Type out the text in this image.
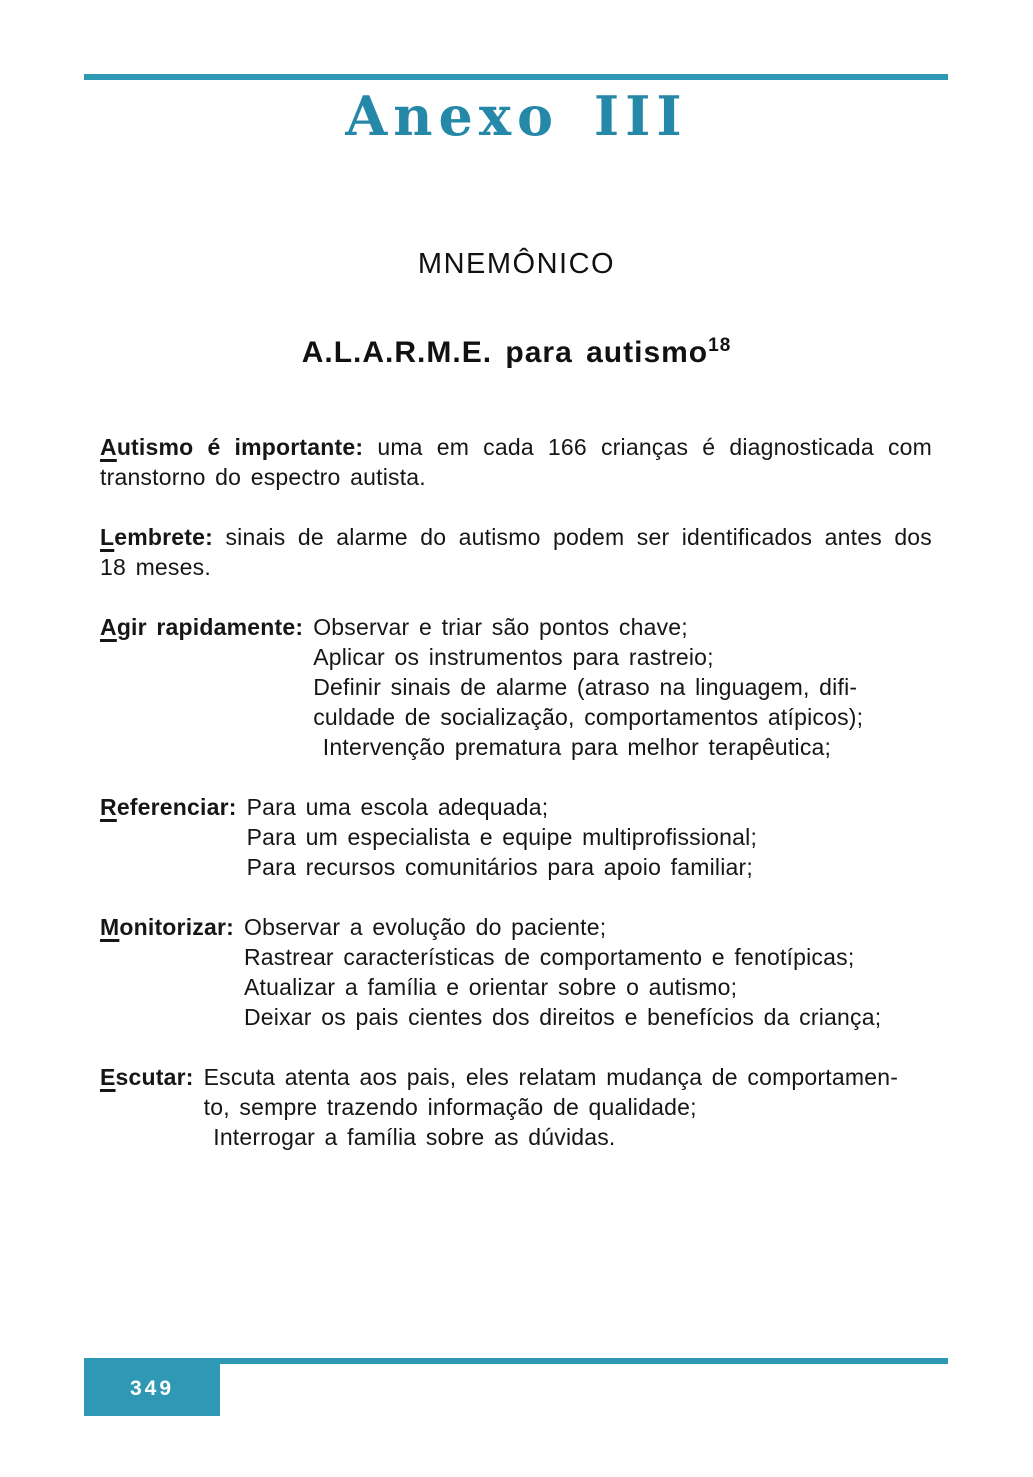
Anexo III
MNEMÔNICO
A.L.A.R.M.E. para autismo$^{18}$
Autismo é importante: uma em cada 166 crianças é diagnosticada com
transtorno do espectro autista.
Lembrete: sinais de alarme do autismo podem ser identificados antes dos
18 meses.
Agir rapidamente: Observar e triar são pontos chave;
Aplicar os instrumentos para rastreio;
Definir sinais de alarme (atraso na linguagem, difi-
culdade de socialização, comportamentos atípicos);
Intervenção prematura para melhor terapêutica;
Referenciar: Para uma escola adequada;
Para um especialista e equipe multiprofissional;
Para recursos comunitários para apoio familiar;
Monitorizar: Observar a evolução do paciente;
Rastrear características de comportamento e fenotípicas;
Atualizar a família e orientar sobre o autismo;
Deixar os pais cientes dos direitos e benefícios da criança;
Escutar: Escuta atenta aos pais, eles relatam mudança de comportamen-
to, sempre trazendo informação de qualidade;
Interrogar a família sobre as dúvidas.
349
